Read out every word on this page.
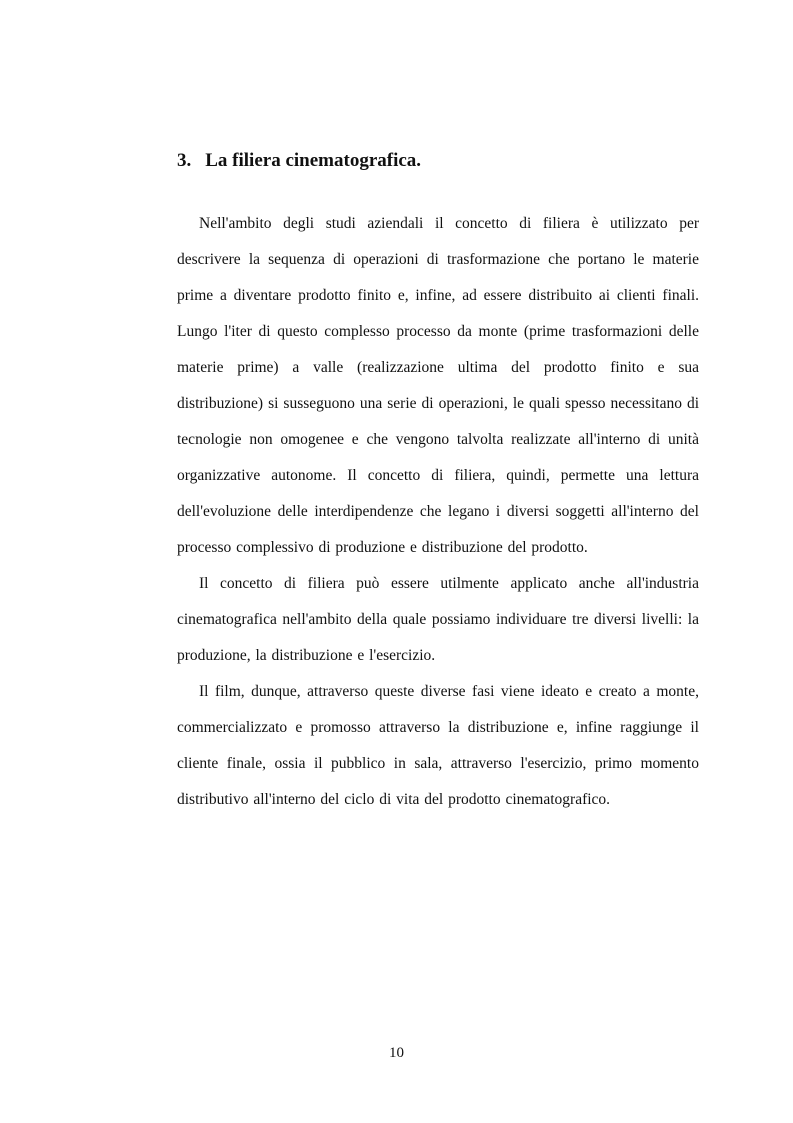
3. La filiera cinematografica.

Nell'ambito degli studi aziendali il concetto di filiera è utilizzato per descrivere la sequenza di operazioni di trasformazione che portano le materie prime a diventare prodotto finito e, infine, ad essere distribuito ai clienti finali. Lungo l'iter di questo complesso processo da monte (prime trasformazioni delle materie prime) a valle (realizzazione ultima del prodotto finito e sua distribuzione) si susseguono una serie di operazioni, le quali spesso necessitano di tecnologie non omogenee e che vengono talvolta realizzate all'interno di unità organizzative autonome. Il concetto di filiera, quindi, permette una lettura dell'evoluzione delle interdipendenze che legano i diversi soggetti all'interno del processo complessivo di produzione e distribuzione del prodotto.

Il concetto di filiera può essere utilmente applicato anche all'industria cinematografica nell'ambito della quale possiamo individuare tre diversi livelli: la produzione, la distribuzione e l'esercizio.

Il film, dunque, attraverso queste diverse fasi viene ideato e creato a monte, commercializzato e promosso attraverso la distribuzione e, infine raggiunge il cliente finale, ossia il pubblico in sala, attraverso l'esercizio, primo momento distributivo all'interno del ciclo di vita del prodotto cinematografico.

10
